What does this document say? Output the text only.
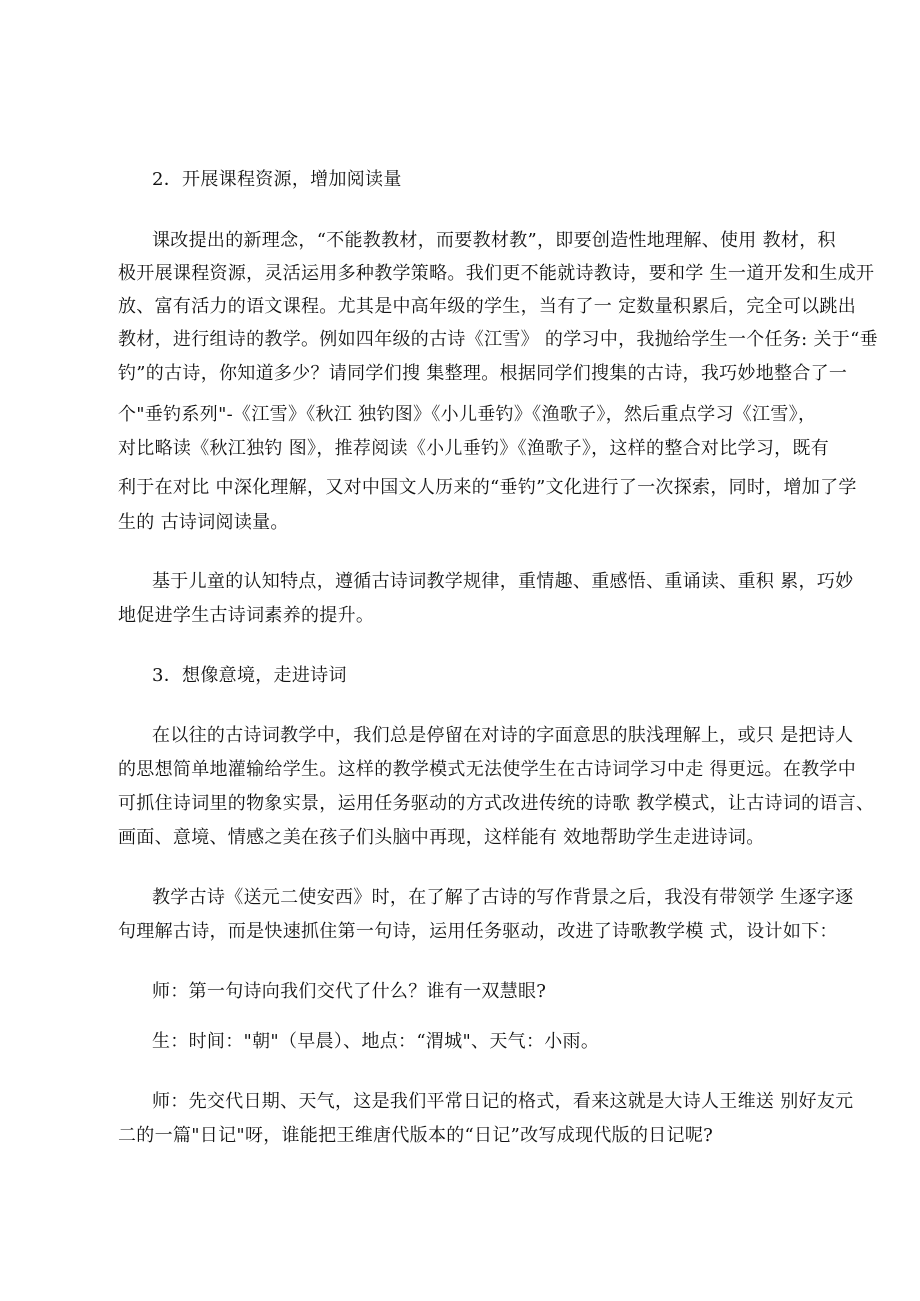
2．开展课程资源，增加阅读量
课改提出的新理念，“不能教教材，而要教材教”，即要创造性地理解、使用 教材，积
极开展课程资源，灵活运用多种教学策略。我们更不能就诗教诗，要和学 生一道开发和生成开
放、富有活力的语文课程。尤其是中高年级的学生，当有了一 定数量积累后，完全可以跳出
教材，进行组诗的教学。例如四年级的古诗《江雪》 的学习中，我抛给学生一个任务: 关于“垂
钓”的古诗，你知道多少？请同学们搜 集整理。根据同学们搜集的古诗，我巧妙地整合了一
个"垂钓系列"-《江雪》《秋江 独钓图》《小儿垂钓》《渔歌子》，然后重点学习《江雪》，
对比略读《秋江独钓 图》，推荐阅读《小儿垂钓》《渔歌子》，这样的整合对比学习，既有
利于在对比 中深化理解，又对中国文人历来的“垂钓”文化进行了一次探索，同时，增加了学
生的 古诗词阅读量。
基于儿童的认知特点，遵循古诗词教学规律，重情趣、重感悟、重诵读、重积 累，巧妙
地促进学生古诗词素养的提升。
3．想像意境，走进诗词
在以往的古诗词教学中，我们总是停留在对诗的字面意思的肤浅理解上，或只 是把诗人
的思想简单地灌输给学生。这样的教学模式无法使学生在古诗词学习中走 得更远。在教学中
可抓住诗词里的物象实景，运用任务驱动的方式改进传统的诗歌 教学模式，让古诗词的语言、
画面、意境、情感之美在孩子们头脑中再现，这样能有 效地帮助学生走进诗词。
教学古诗《送元二使安西》时，在了解了古诗的写作背景之后，我没有带领学 生逐字逐
句理解古诗，而是快速抓住第一句诗，运用任务驱动，改进了诗歌教学模 式，设计如下：
师：第一句诗向我们交代了什么？谁有一双慧眼?
生：时间："朝"（早晨）、地点：“渭城"、天气：小雨。
师：先交代日期、天气，这是我们平常日记的格式，看来这就是大诗人王维送 别好友元
二的一篇"日记"呀，谁能把王维唐代版本的“日记”改写成现代版的日记呢?
